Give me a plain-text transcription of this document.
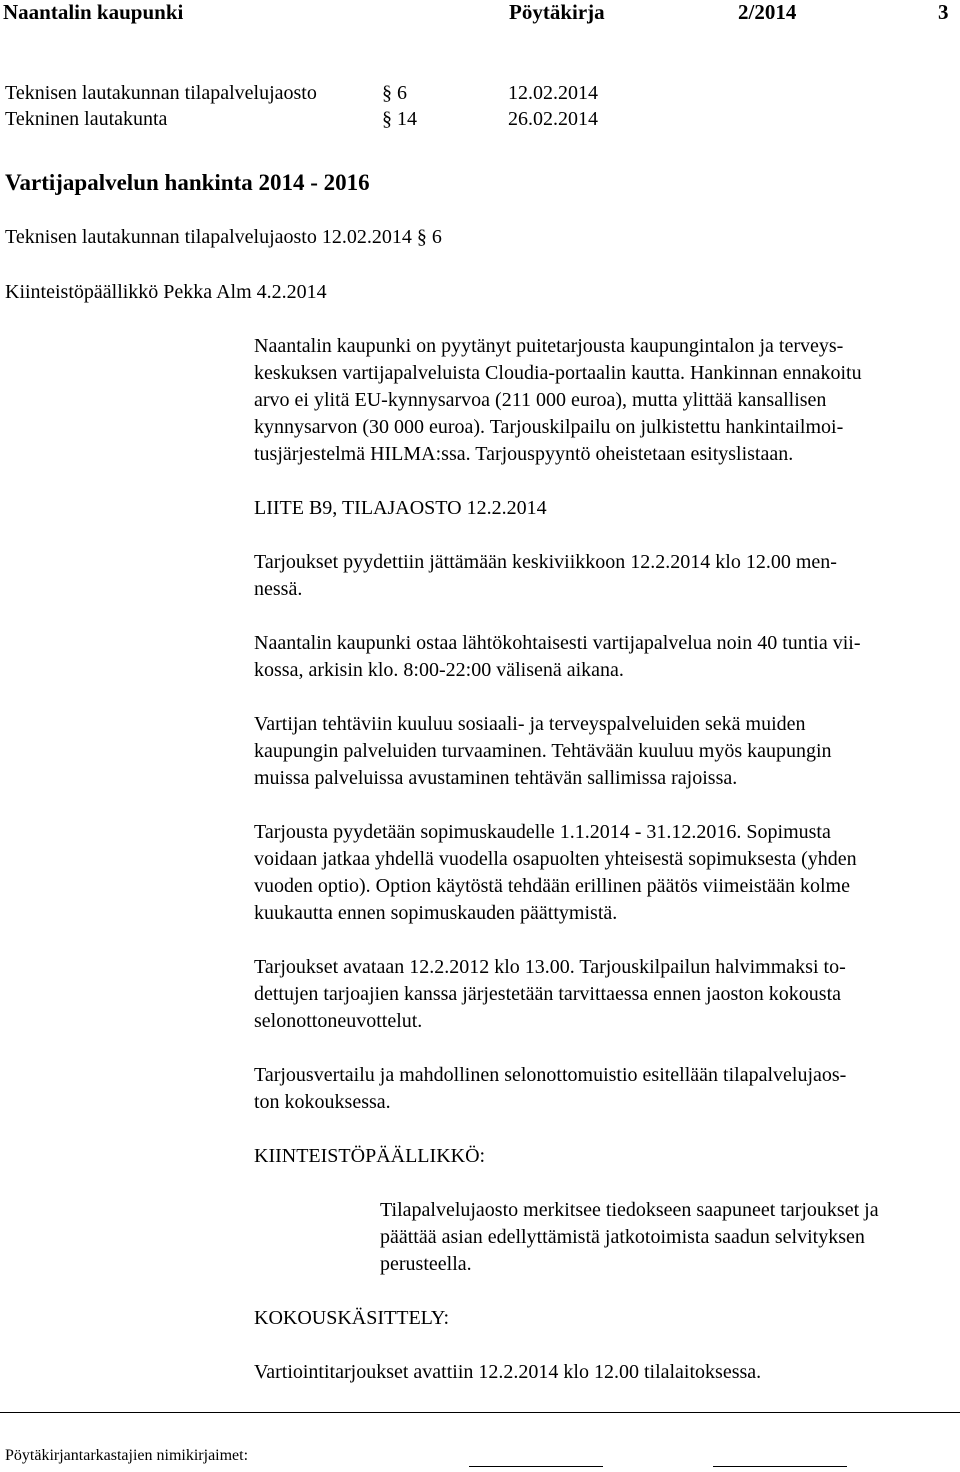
Naantalin kaupunki	Pöytäkirja	2/2014	3
Teknisen lautakunnan tilapalvelujaosto	§ 6	12.02.2014
Tekninen lautakunta	§ 14	26.02.2014
Vartijapalvelun hankinta 2014 - 2016
Teknisen lautakunnan tilapalvelujaosto 12.02.2014 § 6
Kiinteistöpäällikkö Pekka Alm 4.2.2014
Naantalin kaupunki on pyytänyt puitetarjousta kaupungintalon ja terveys-
keskuksen vartijapalveluista Cloudia-portaalin kautta. Hankinnan ennakoitu
arvo ei ylitä EU-kynnysarvoa (211 000 euroa), mutta ylittää kansallisen
kynnysarvon (30 000 euroa). Tarjouskilpailu on julkistettu hankintailmoi-
tusjärjestelmä HILMA:ssa. Tarjouspyyntö oheistetaan esityslistaan.
LIITE B9, TILAJAOSTO 12.2.2014
Tarjoukset pyydettiin jättämään keskiviikkoon 12.2.2014 klo 12.00 men-
nessä.
Naantalin kaupunki ostaa lähtökohtaisesti vartijapalvelua noin 40 tuntia vii-
kossa, arkisin klo. 8:00-22:00 välisenä aikana.
Vartijan tehtäviin kuuluu sosiaali- ja terveyspalveluiden sekä muiden
kaupungin palveluiden turvaaminen. Tehtävään kuuluu myös kaupungin
muissa palveluissa avustaminen tehtävän sallimissa rajoissa.
Tarjousta pyydetään sopimuskaudelle 1.1.2014 - 31.12.2016. Sopimusta
voidaan jatkaa yhdellä vuodella osapuolten yhteisestä sopimuksesta (yhden
vuoden optio). Option käytöstä tehdään erillinen päätös viimeistään kolme
kuukautta ennen sopimuskauden päättymistä.
Tarjoukset avataan 12.2.2012 klo 13.00. Tarjouskilpailun halvimmaksi to-
dettujen tarjoajien kanssa järjestetään tarvittaessa ennen jaoston kokousta
selonottoneuvottelut.
Tarjousvertailu ja mahdollinen selonottomuistio esitellään tilapalvelujaos-
ton kokouksessa.
KIINTEISTÖPÄÄLLIKKÖ:
Tilapalvelujaosto merkitsee tiedokseen saapuneet tarjoukset ja
päättää asian edellyttämistä jatkotoimista saadun selvityksen
perusteella.
KOKOUSKÄSITTELY:
Vartiointitarjoukset avattiin 12.2.2014 klo 12.00 tilalaitoksessa.
Pöytäkirjantarkastajien nimikirjaimet:
